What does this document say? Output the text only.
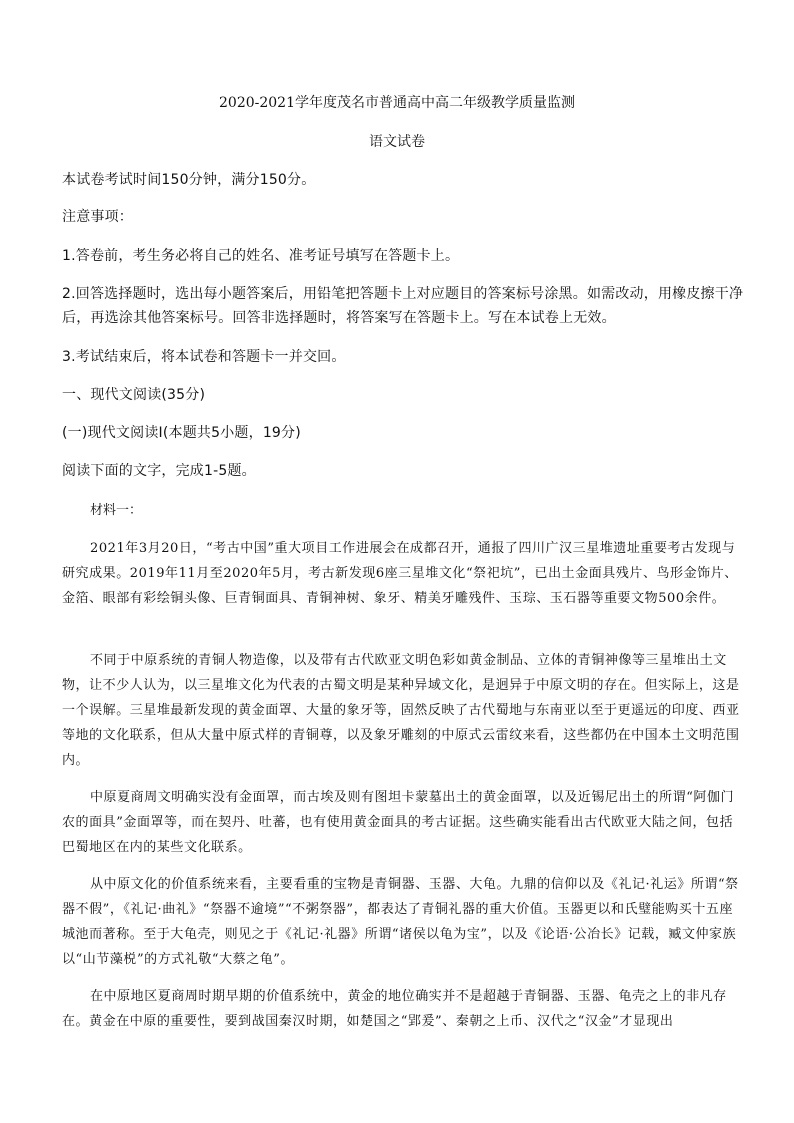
2020-2021学年度茂名市普通高中高二年级教学质量监测
语文试卷
本试卷考试时间150分钟，满分150分。
注意事项：
1.答卷前，考生务必将自己的姓名、准考证号填写在答题卡上。
2.回答选择题时，选出每小题答案后，用铅笔把答题卡上对应题目的答案标号涂黑。如需改动，用橡皮擦干净
后，再选涂其他答案标号。回答非选择题时，将答案写在答题卡上。写在本试卷上无效。
3.考试结束后，将本试卷和答题卡一并交回。
一、现代文阅读(35分)
(一)现代文阅读Ⅰ(本题共5小题，19分)
阅读下面的文字，完成1-5题。
材料一：
2021年3月20日，“考古中国”重大项目工作进展会在成都召开，通报了四川广汉三星堆遗址重要考古发现与研究成果。2019年11月至2020年5月，考古新发现6座三星堆文化“祭祀坑”，已出土金面具残片、鸟形金饰片、金箔、眼部有彩绘铜头像、巨青铜面具、青铜神树、象牙、精美牙雕残件、玉琮、玉石器等重要文物500余件。
不同于中原系统的青铜人物造像，以及带有古代欧亚文明色彩如黄金制品、立体的青铜神像等三星堆出土文物，让不少人认为，以三星堆文化为代表的古蜀文明是某种异域文化，是迥异于中原文明的存在。但实际上，这是一个误解。三星堆最新发现的黄金面罩、大量的象牙等，固然反映了古代蜀地与东南亚以至于更遥远的印度、西亚等地的文化联系，但从大量中原式样的青铜尊，以及象牙雕刻的中原式云雷纹来看，这些都仍在中国本土文明范围内。
中原夏商周文明确实没有金面罩，而古埃及则有图坦卡蒙墓出土的黄金面罩，以及近锡尼出土的所谓“阿伽门农的面具”金面罩等，而在契丹、吐蕃，也有使用黄金面具的考古证据。这些确实能看出古代欧亚大陆之间，包括巴蜀地区在内的某些文化联系。
从中原文化的价值系统来看，主要看重的宝物是青铜器、玉器、大龟。九鼎的信仰以及《礼记·礼运》所谓“祭器不假”，《礼记·曲礼》“祭器不逾境”“不粥祭器”，都表达了青铜礼器的重大价值。玉器更以和氏璧能购买十五座城池而著称。至于大龟壳，则见之于《礼记·礼器》所谓“诸侯以龟为宝”，以及《论语·公冶长》记载，臧文仲家族以“山节藻棁”的方式礼敬“大蔡之龟”。
在中原地区夏商周时期早期的价值系统中，黄金的地位确实并不是超越于青铜器、玉器、龟壳之上的非凡存在。黄金在中原的重要性，要到战国秦汉时期，如楚国之“郢爰”、秦朝之上币、汉代之“汉金”才显现出
